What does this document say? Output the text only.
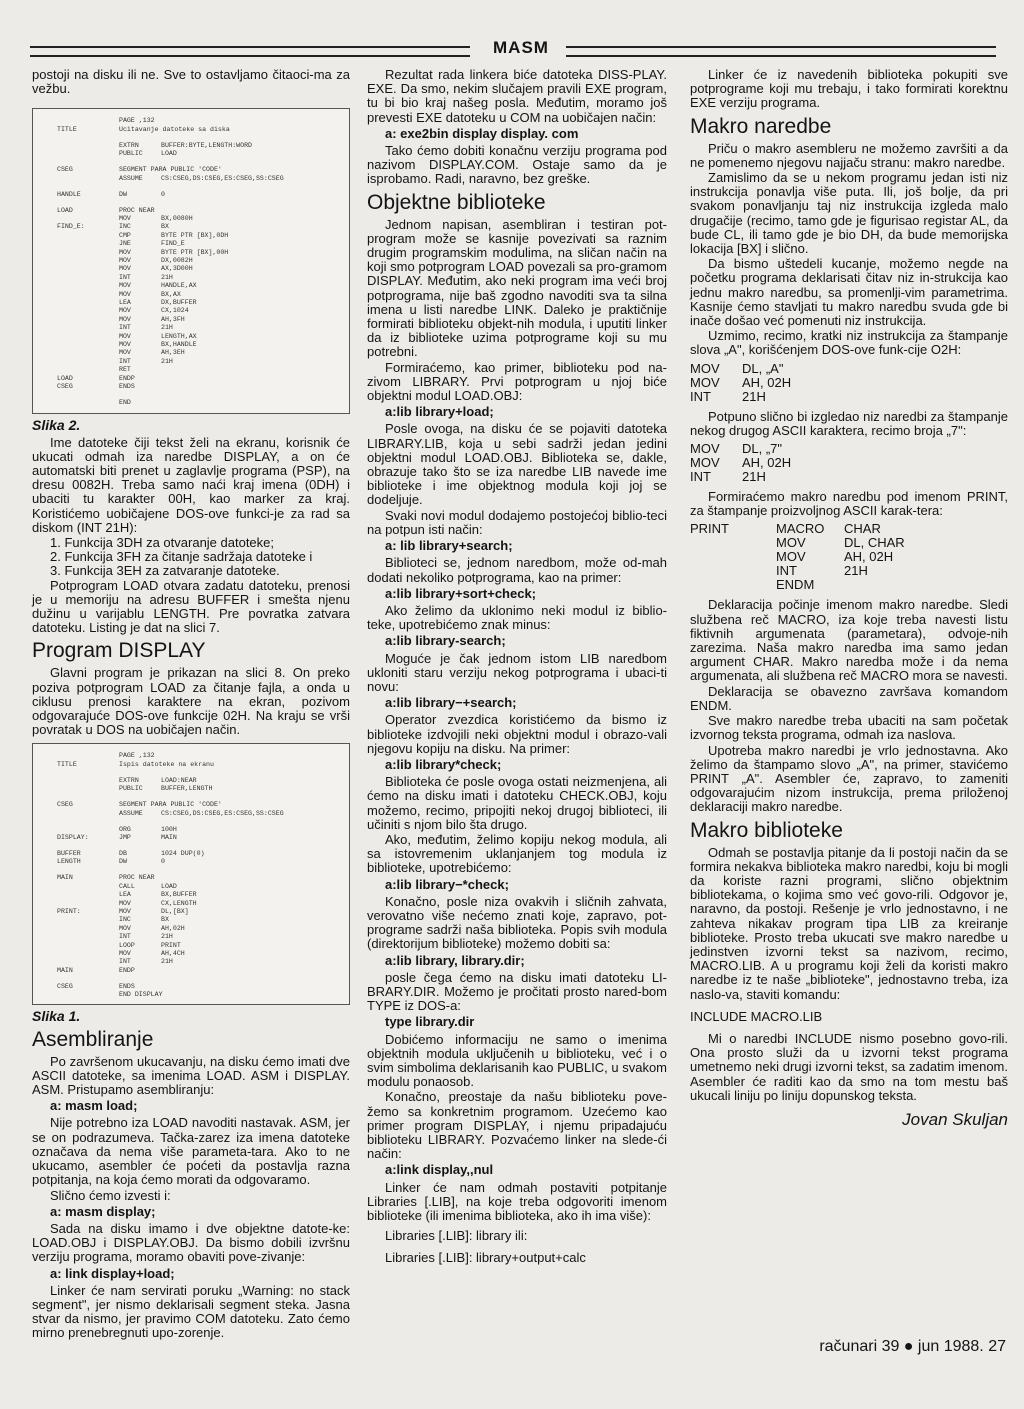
MASM

postoji na disku ili ne. Sve to ostavljamo čitaoci-ma za vežbu.

PAGE ,132
TITLE	Ucitavanje datoteke sa diska
EXTRN	BUFFER:BYTE,LENGTH:WORD
PUBLIC	LOAD
CSEG	SEGMENT PARA PUBLIC 'CODE'
ASSUME	CS:CSEG,DS:CSEG,ES:CSEG,SS:CSEG
HANDLE	DW	0
LOAD	PROC NEAR
MOV	BX,0080H
FIND_E:	INC	BX
CMP	BYTE PTR [BX],0DH
JNE	FIND_E
MOV	BYTE PTR [BX],00H
MOV	DX,0082H
MOV	AX,3D00H
INT	21H
MOV	HANDLE,AX
MOV	BX,AX
LEA	DX,BUFFER
MOV	CX,1024
MOV	AH,3FH
INT	21H
MOV	LENGTH,AX
MOV	BX,HANDLE
MOV	AH,3EH
INT	21H
RET
LOAD	ENDP
CSEG	ENDS
END
Slika 2.

Ime datoteke čiji tekst želi na ekranu, korisnik će ukucati odmah iza naredbe DISPLAY, a on će automatski biti prenet u zaglavlje programa (PSP), na dresu 0082H. Treba samo naći kraj imena (0DH) i ubaciti tu karakter 00H, kao marker za kraj. Koristićemo uobičajene DOS-ove funkci-je za rad sa diskom (INT 21H):

1. Funkcija 3DH za otvaranje datoteke;

2. Funkcija 3FH za čitanje sadržaja datoteke i

3. Funkcija 3EH za zatvaranje datoteke.

Potprogram LOAD otvara zadatu datoteku, prenosi je u memoriju na adresu BUFFER i smešta njenu dužinu u varijablu LENGTH. Pre povratka zatvara datoteku. Listing je dat na slici 7.

Program DISPLAY

Glavni program je prikazan na slici 8. On preko poziva potprogram LOAD za čitanje fajla, a onda u ciklusu prenosi karaktere na ekran, pozivom odgovarajuće DOS-ove funkcije 02H. Na kraju se vrši povratak u DOS na uobičajen način.

PAGE ,132
TITLE	Ispis datoteke na ekranu
EXTRN	LOAD:NEAR
PUBLIC	BUFFER,LENGTH
CSEG	SEGMENT PARA PUBLIC 'CODE'
ASSUME	CS:CSEG,DS:CSEG,ES:CSEG,SS:CSEG
ORG	100H
DISPLAY:	JMP	MAIN
BUFFER	DB	1024 DUP(0)
LENGTH	DW	0
MAIN	PROC NEAR
CALL	LOAD
LEA	BX,BUFFER
MOV	CX,LENGTH
PRINT:	MOV	DL,[BX]
INC	BX
MOV	AH,02H
INT	21H
LOOP	PRINT
MOV	AH,4CH
INT	21H
MAIN	ENDP
CSEG	ENDS
END DISPLAY
Slika 1.
Asembliranje

Po završenom ukucavanju, na disku ćemo imati dve ASCII datoteke, sa imenima LOAD. ASM i DISPLAY. ASM. Pristupamo asembliranju:

a: masm load;

Nije potrebno iza LOAD navoditi nastavak. ASM, jer se on podrazumeva. Tačka-zarez iza imena datoteke označava da nema više parameta-tara. Ako to ne ukucamo, asembler će poćeti da postavlja razna potpitanja, na koja ćemo morati da odgovaramo.

Slično ćemo izvesti i:

a: masm display;

Sada na disku imamo i dve objektne datote-ke: LOAD.OBJ i DISPLAY.OBJ. Da bismo dobili izvršnu verziju programa, moramo obaviti pove-zivanje:

a: link display+load;

Linker će nam servirati poruku „Warning: no stack segment", jer nismo deklarisali segment steka. Jasna stvar da nismo, jer pravimo COM datoteku. Zato ćemo mirno prenebregnuti upo-zorenje.

Rezultat rada linkera biće datoteka DISS-PLAY. EXE. Da smo, nekim slučajem pravili EXE program, tu bi bio kraj našeg posla. Međutim, moramo još prevesti EXE datoteku u COM na uobičajen način:

a: exe2bin display display. com

Tako ćemo dobiti konačnu verziju programa pod nazivom DISPLAY.COM. Ostaje samo da je isprobamo. Radi, naravno, bez greške.

Objektne biblioteke

Jednom napisan, asembliran i testiran pot-program može se kasnije povezivati sa raznim drugim programskim modulima, na sličan način na koji smo potprogram LOAD povezali sa pro-gramom DISPLAY. Međutim, ako neki program ima veći broj potprograma, nije baš zgodno navoditi sva ta silna imena u listi naredbe LINK. Daleko je praktičnije formirati biblioteku objekt-nih modula, i uputiti linker da iz biblioteke uzima potprograme koji su mu potrebni.

Formiraćemo, kao primer, biblioteku pod na-zivom LIBRARY. Prvi potprogram u njoj biće objektni modul LOAD.OBJ:

a:lib library+load;

Posle ovoga, na disku će se pojaviti datoteka LIBRARY.LIB, koja u sebi sadrži jedan jedini objektni modul LOAD.OBJ. Biblioteka se, dakle, obrazuje tako što se iza naredbe LIB navede ime biblioteke i ime objektnog modula koji joj se dodeljuje.

Svaki novi modul dodajemo postojećoj biblio-teci na potpun isti način:

a: lib library+search;

Biblioteci se, jednom naredbom, može od-mah dodati nekoliko potprograma, kao na primer:

a:lib library+sort+check;

Ako želimo da uklonimo neki modul iz biblio-teke, upotrebićemo znak minus:

a:lib library-search;

Moguće je čak jednom istom LIB naredbom ukloniti staru verziju nekog potprograma i ubaci-ti novu:

a:lib library−+search;

Operator zvezdica koristićemo da bismo iz biblioteke izdvojili neki objektni modul i obrazo-vali njegovu kopiju na disku. Na primer:

a:lib library*check;

Biblioteka će posle ovoga ostati neizmenjena, ali ćemo na disku imati i datoteku CHECK.OBJ, koju možemo, recimo, pripojiti nekoj drugoj biblioteci, ili učiniti s njom bilo šta drugo.

Ako, međutim, želimo kopiju nekog modula, ali sa istovremenim uklanjanjem tog modula iz biblioteke, upotrebićemo:

a:lib library−*check;

Konačno, posle niza ovakvih i sličnih zahvata, verovatno više nećemo znati koje, zapravo, pot-programe sadrži naša biblioteka. Popis svih modula (direktorijum biblioteke) možemo dobiti sa:

a:lib library, library.dir;

posle čega ćemo na disku imati datoteku LI-BRARY.DIR. Možemo je pročitati prosto nared-bom TYPE iz DOS-a:

type library.dir

Dobićemo informaciju ne samo o imenima objektnih modula uključenih u biblioteku, već i o svim simbolima deklarisanih kao PUBLIC, u svakom modulu ponaosob.

Konačno, preostaje da našu biblioteku pove-žemo sa konkretnim programom. Uzećemo kao primer program DISPLAY, i njemu pripadajuću biblioteku LIBRARY. Pozvaćemo linker na slede-ći način:

a:link display,,nul

Linker će nam odmah postaviti potpitanje Libraries [.LIB], na koje treba odgovoriti imenom biblioteke (ili imenima biblioteka, ako ih ima više):

Libraries [.LIB]: library ili:

Libraries [.LIB]: library+output+calc

Linker će iz navedenih biblioteka pokupiti sve potprograme koji mu trebaju, i tako formirati korektnu EXE verziju programa.

Makro naredbe

Priču o makro asembleru ne možemo završiti a da ne pomenemo njegovu najjaču stranu: makro naredbe.

Zamislimo da se u nekom programu jedan isti niz instrukcija ponavlja više puta. Ili, još bolje, da pri svakom ponavljanju taj niz instrukcija izgleda malo drugačije (recimo, tamo gde je figurisao registar AL, da bude CL, ili tamo gde je bio DH, da bude memorijska lokacija [BX] i slično.

Da bismo uštedeli kucanje, možemo negde na početku programa deklarisati čitav niz in-strukcija kao jednu makro naredbu, sa promenlji-vim parametrima. Kasnije ćemo stavljati tu makro naredbu svuda gde bi inače došao već pomenuti niz instrukcija.

Uzmimo, recimo, kratki niz instrukcija za štampanje slova „A", korišćenjem DOS-ove funk-cije O2H:

MOV	DL, „A"
MOV	AH, 02H
INT	21H

Potpuno slično bi izgledao niz naredbi za štampanje nekog drugog ASCII karaktera, recimo broja „7":

MOV	DL, „7"
MOV	AH, 02H
INT	21H

Formiraćemo makro naredbu pod imenom PRINT, za štampanje proizvoljnog ASCII karak-tera:

PRINT	MACRO	CHAR
MOV	DL, CHAR
MOV	AH, 02H
INT	21H
ENDM

Deklaracija počinje imenom makro naredbe. Sledi službena reč MACRO, iza koje treba navesti listu fiktivnih argumenata (parametara), odvoje-nih zarezima. Naša makro naredba ima samo jedan argument CHAR. Makro naredba može i da nema argumenata, ali službena reč MACRO mora se navesti.

Deklaracija se obavezno završava komandom ENDM.

Sve makro naredbe treba ubaciti na sam početak izvornog teksta programa, odmah iza naslova.

Upotreba makro naredbi je vrlo jednostavna. Ako želimo da štampamo slovo „A", na primer, stavićemo PRINT „A". Asembler će, zapravo, to zameniti odgovarajućim nizom instrukcija, prema priloženoj deklaraciji makro naredbe.

Makro biblioteke

Odmah se postavlja pitanje da li postoji način da se formira nekakva biblioteka makro naredbi, koju bi mogli da koriste razni programi, slično objektnim bibliotekama, o kojima smo već govo-rili. Odgovor je, naravno, da postoji. Rešenje je vrlo jednostavno, i ne zahteva nikakav program tipa LIB za kreiranje biblioteke. Prosto treba ukucati sve makro naredbe u jedinstven izvorni tekst sa nazivom, recimo, MACRO.LIB. A u programu koji želi da koristi makro naredbe iz te naše „biblioteke", jednostavno treba, iza naslo-va, staviti komandu:

INCLUDE MACRO.LIB

Mi o naredbi INCLUDE nismo posebno govo-rili. Ona prosto služi da u izvorni tekst programa umetnemo neki drugi izvorni tekst, sa zadatim imenom. Asembler će raditi kao da smo na tom mestu baš ukucali liniju po liniju dopunskog teksta.

Jovan Skuljan
računari 39 ● jun 1988. 27
